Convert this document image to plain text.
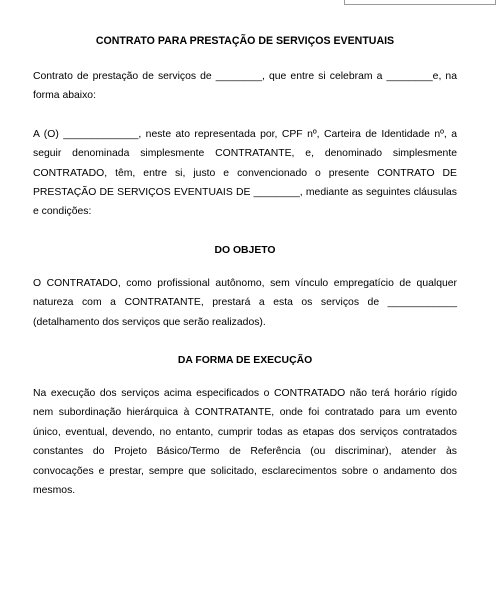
CONTRATO PARA PRESTAÇÃO DE SERVIÇOS EVENTUAIS

Contrato de prestação de serviços de ________, que entre si celebram a ________e, na forma abaixo:

A (O) _____________, neste ato representada por, CPF nº, Carteira de Identidade nº, a seguir denominada simplesmente CONTRATANTE, e, denominado simplesmente CONTRATADO, têm, entre si, justo e convencionado o presente CONTRATO DE PRESTAÇÃO DE SERVIÇOS EVENTUAIS DE ________, mediante as seguintes cláusulas e condições:

DO OBJETO

O CONTRATADO, como profissional autônomo, sem vínculo empregatício de qualquer natureza com a CONTRATANTE, prestará a esta os serviços de ____________ (detalhamento dos serviços que serão realizados).

DA FORMA DE EXECUÇÃO

Na execução dos serviços acima especificados o CONTRATADO não terá horário rígido nem subordinação hierárquica à CONTRATANTE, onde foi contratado para um evento único, eventual, devendo, no entanto, cumprir todas as etapas dos serviços contratados constantes do Projeto Básico/Termo de Referência (ou discriminar), atender às convocações e prestar, sempre que solicitado, esclarecimentos sobre o andamento dos mesmos.
